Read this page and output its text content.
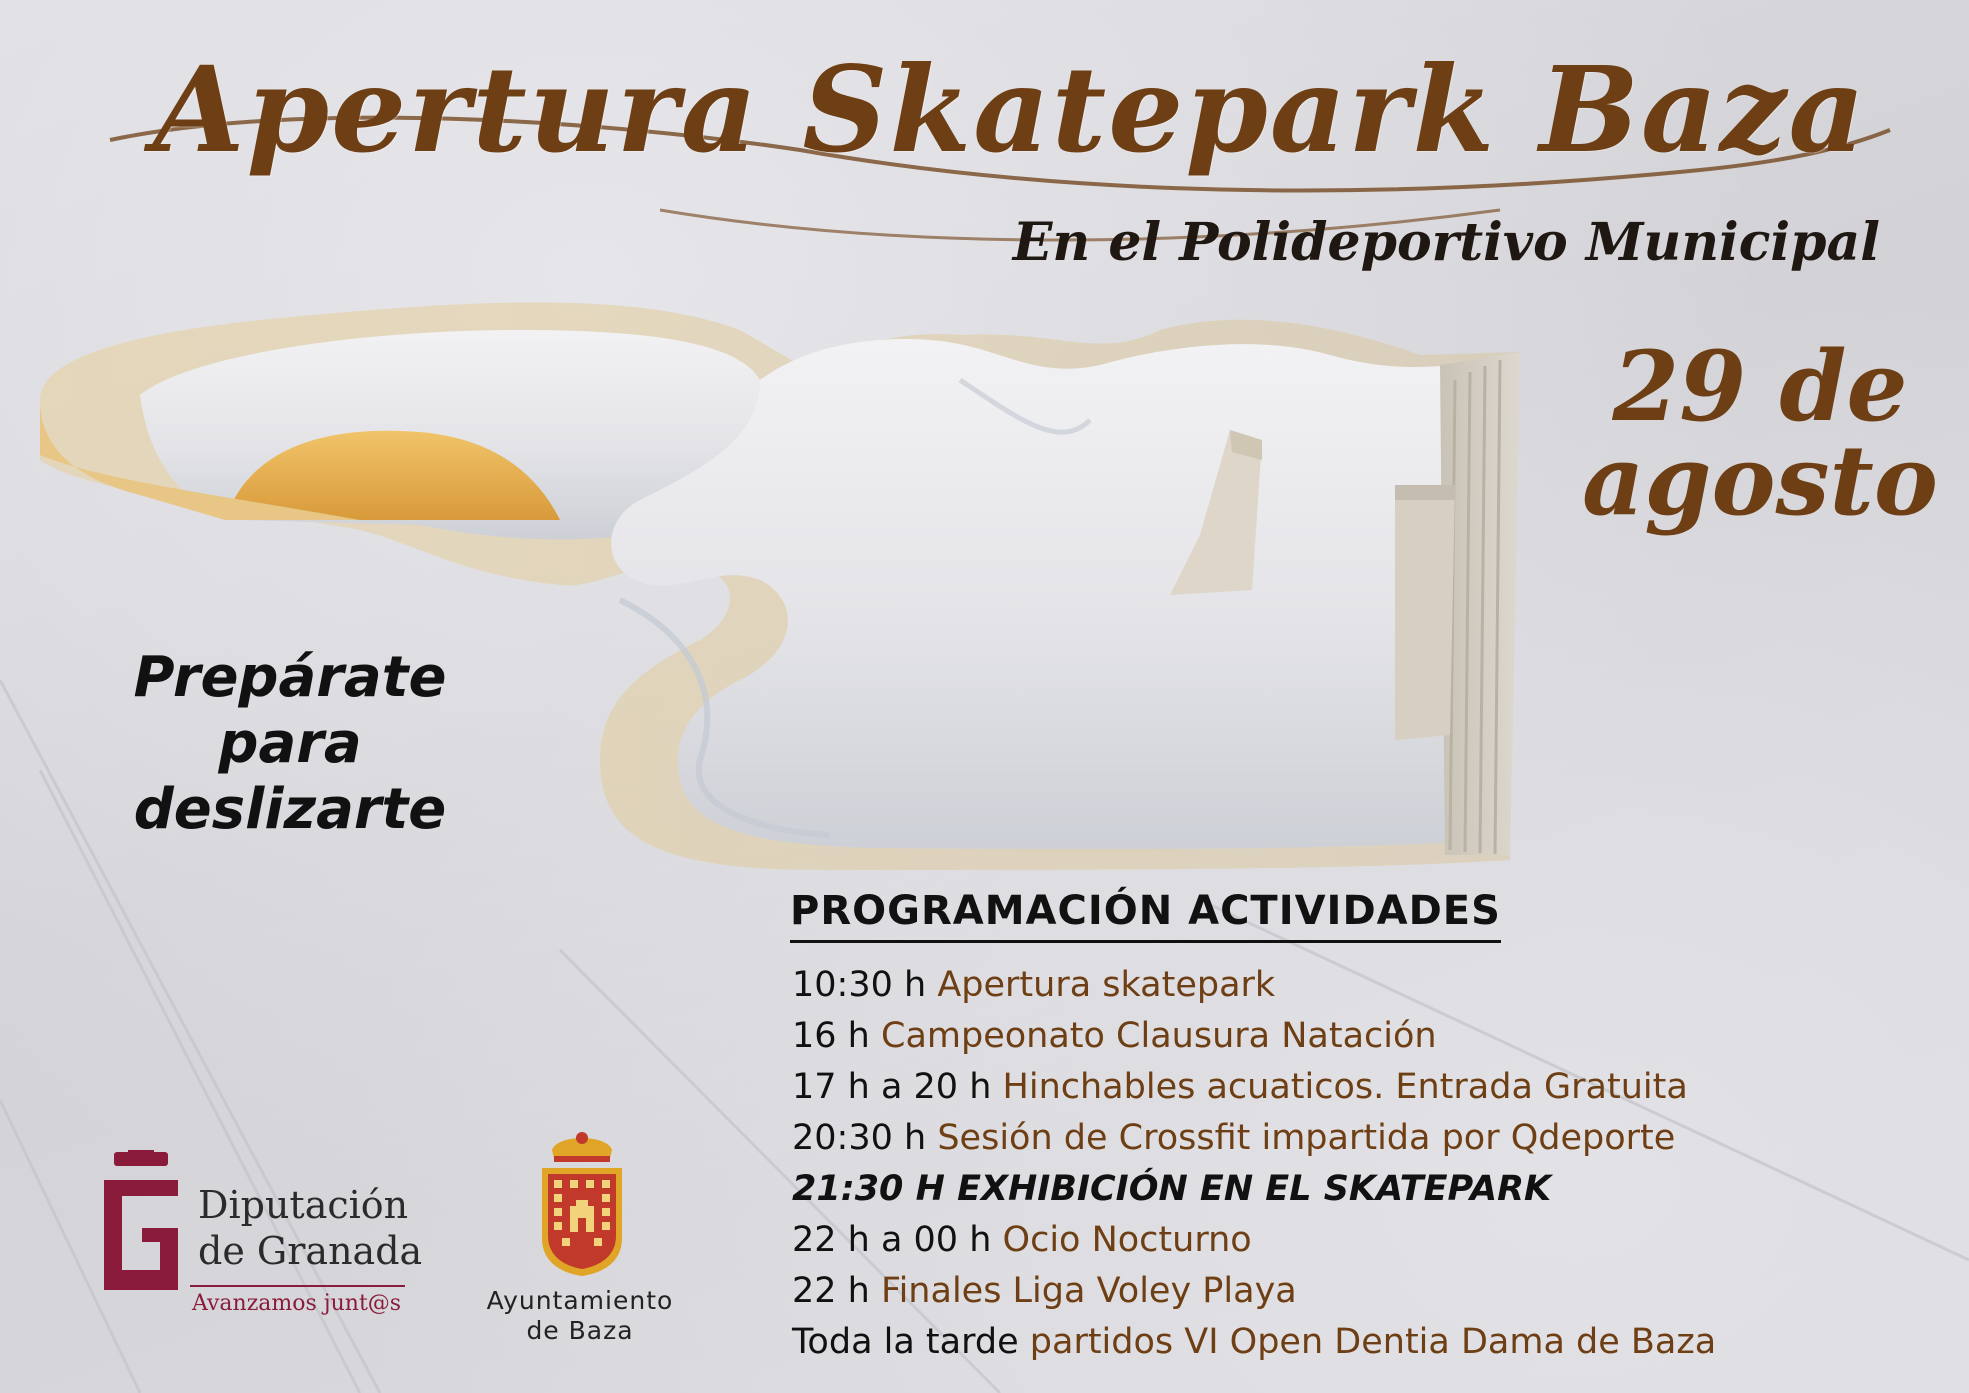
Apertura Skatepark Baza
En el Polideportivo Municipal
29 de
agosto
Prepárate
para
deslizarte
PROGRAMACIÓN ACTIVIDADES
10:30 h Apertura skatepark
16 h Campeonato Clausura Natación
17 h a 20 h Hinchables acuaticos. Entrada Gratuita
20:30 h Sesión de Crossfit impartida por Qdeporte
21:30 H EXHIBICIÓN EN EL SKATEPARK
22 h a 00 h Ocio Nocturno
22 h Finales Liga Voley Playa
Toda la tarde partidos VI Open Dentia Dama de Baza
Diputación
de Granada
Avanzamos junt@s	Ayuntamiento
de Baza
